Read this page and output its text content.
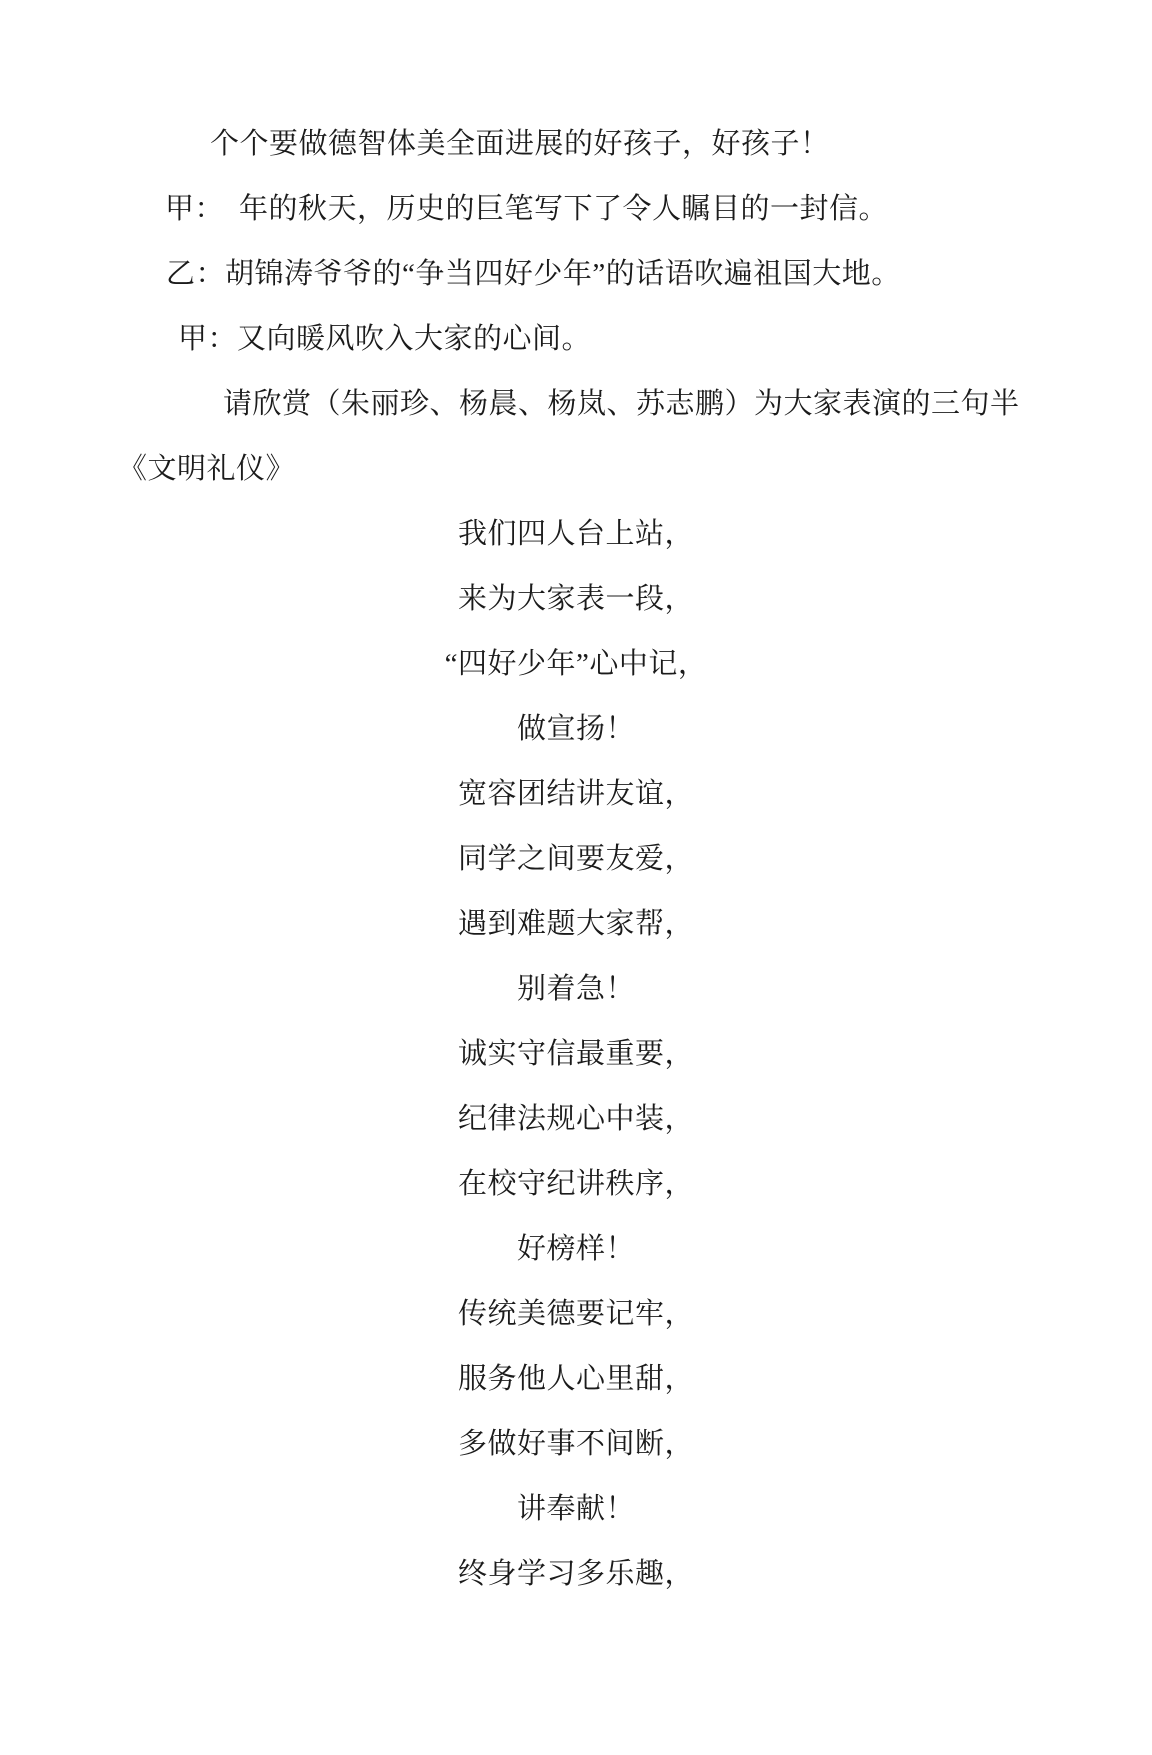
个个要做德智体美全面进展的好孩子，好孩子！
甲：　年的秋天，历史的巨笔写下了令人瞩目的一封信。
乙：胡锦涛爷爷的“争当四好少年”的话语吹遍祖国大地。
甲：又向暖风吹入大家的心间。
请欣赏（朱丽珍、杨晨、杨岚、苏志鹏）为大家表演的三句半
《文明礼仪》
我们四人台上站，
来为大家表一段，
“四好少年”心中记，
做宣扬！
宽容团结讲友谊，
同学之间要友爱，
遇到难题大家帮，
别着急！
诚实守信最重要，
纪律法规心中装，
在校守纪讲秩序，
好榜样！
传统美德要记牢，
服务他人心里甜，
多做好事不间断，
讲奉献！
终身学习多乐趣，
